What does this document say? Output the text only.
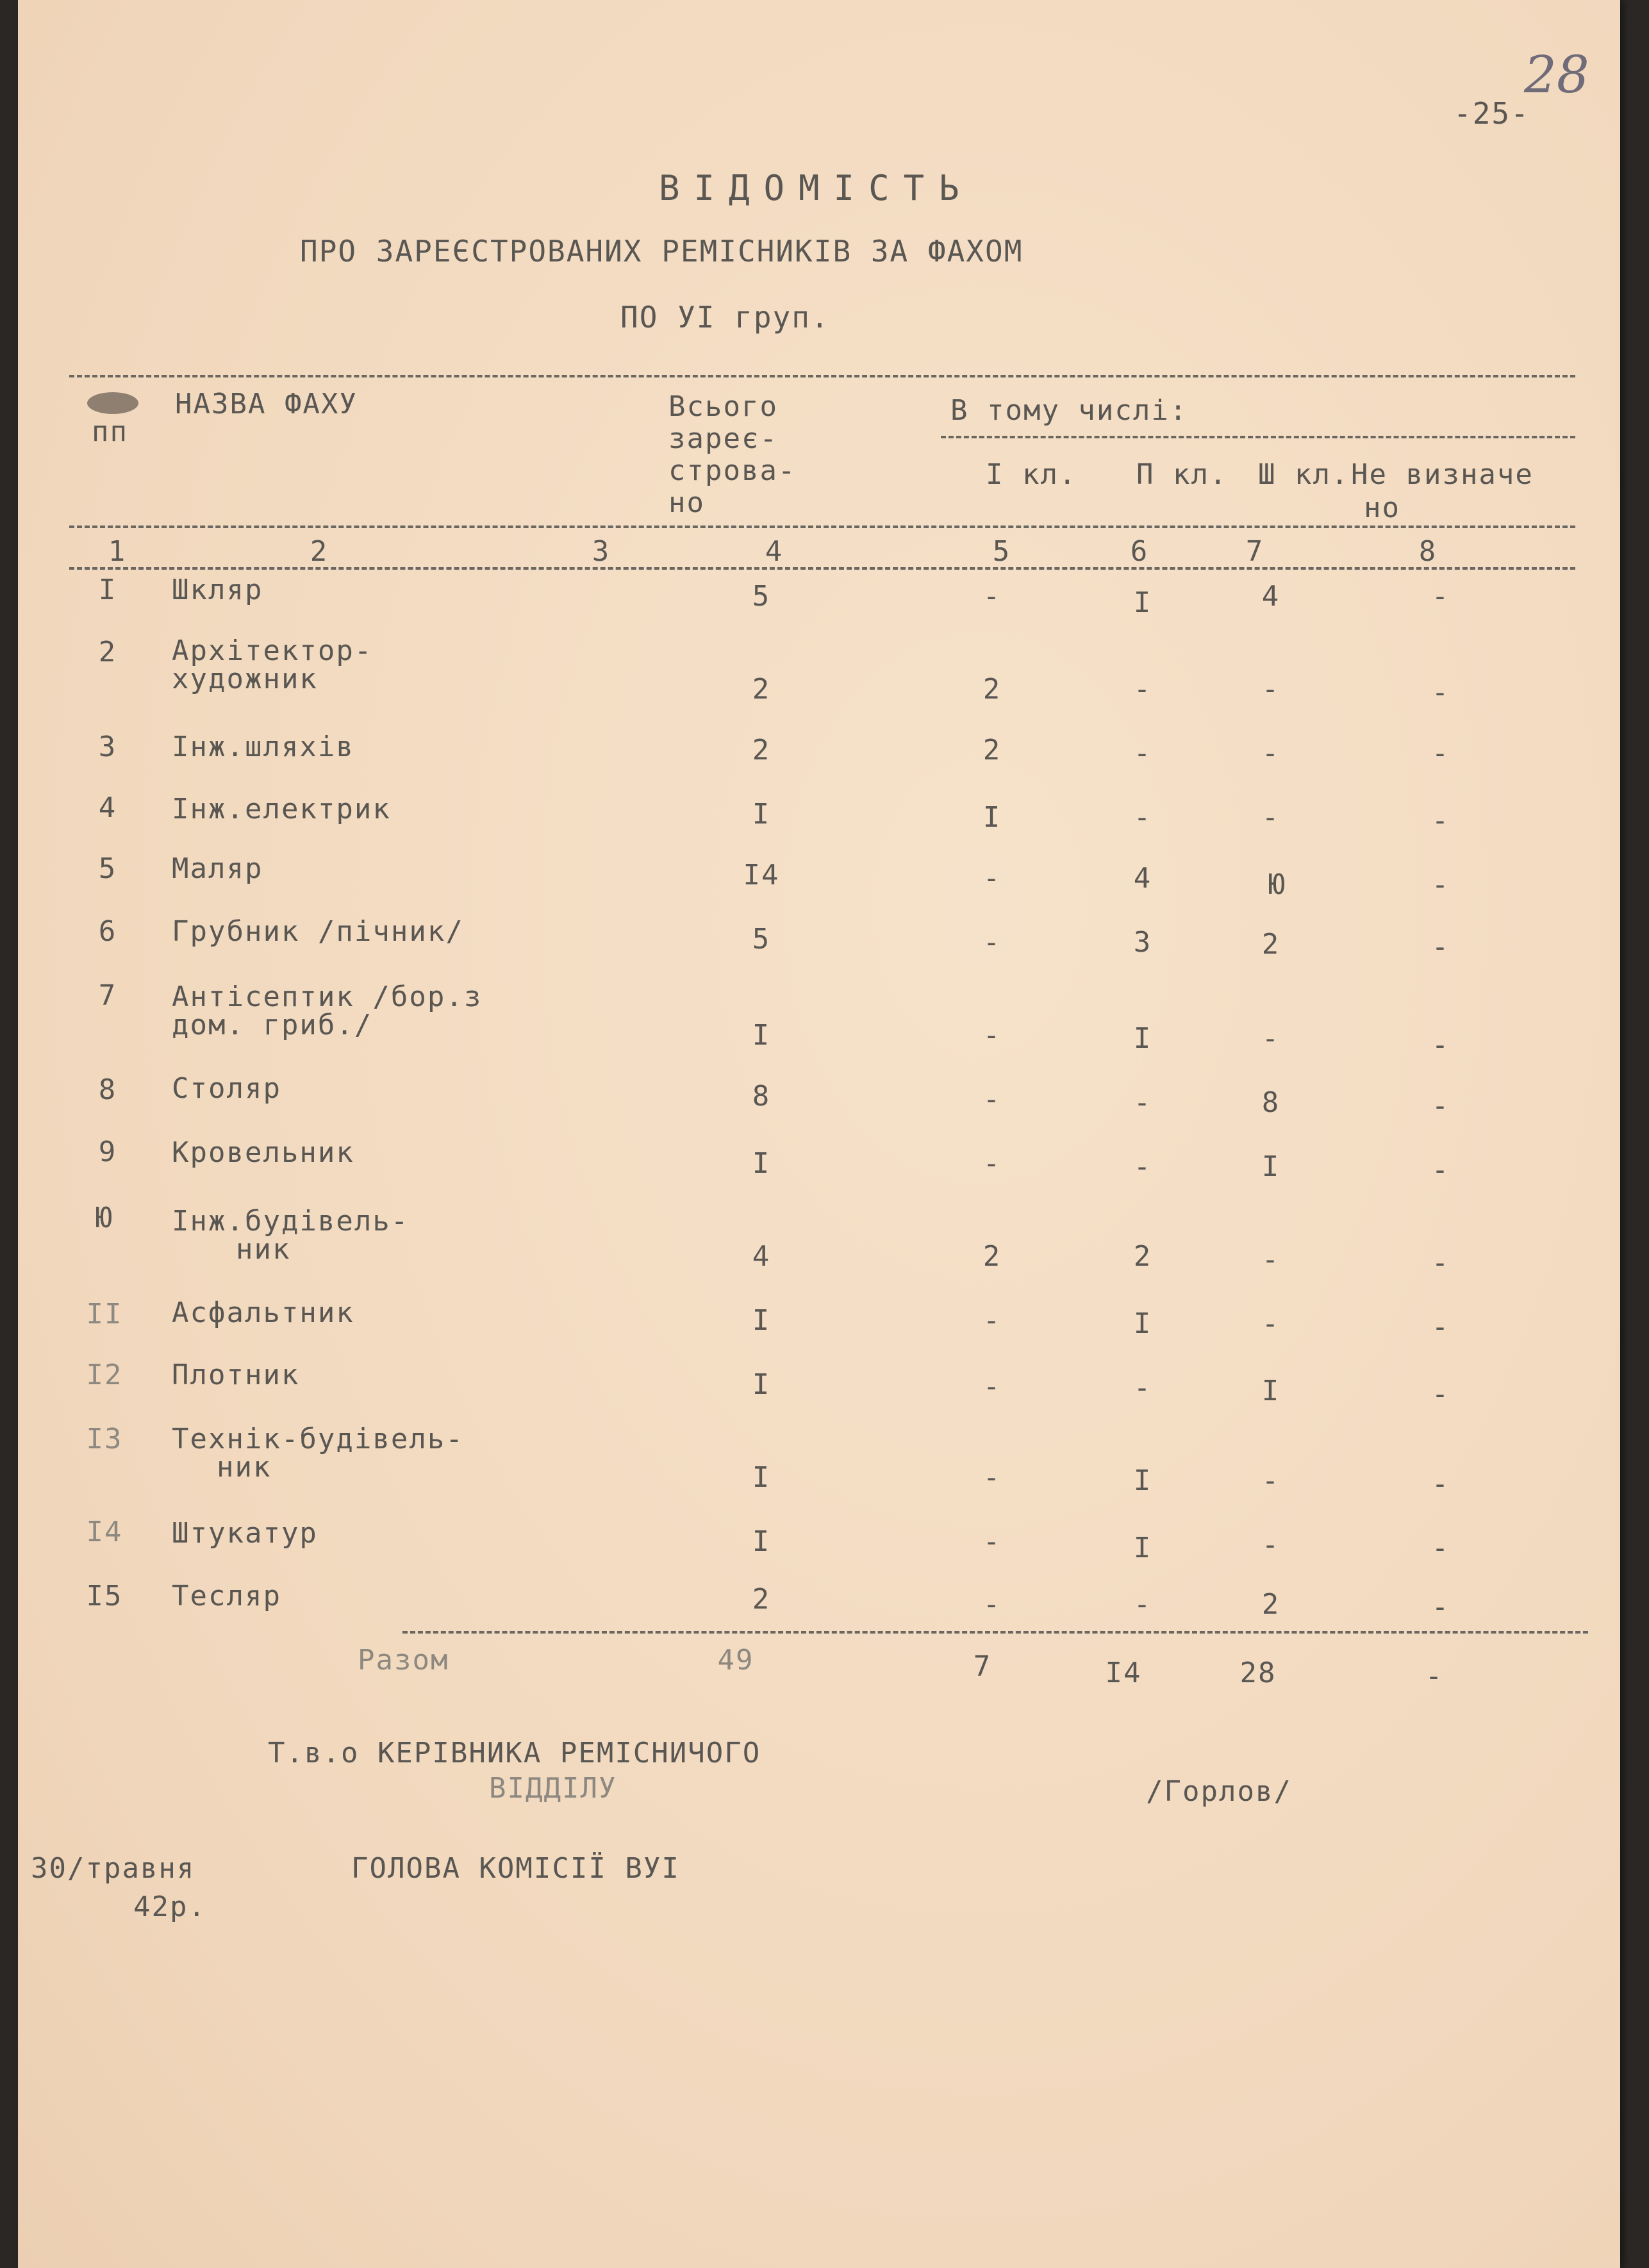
-25-
28
ВІДОМІСТЬ
ПРО ЗАРЕЄСТРОВАНИХ РЕМІСНИКІВ ЗА ФАХОМ
ПО УІ груп.
пп
НАЗВА ФАХУ	Всього
зареє-
строва-
но
В тому числі:
І кл. П кл. Ш кл. Не визначе
но
1	2	3	4	5	6	7	8
І	Шкляр	5	-	І	4	-
2	Архітектор-
художник	2	2	-	-	-
3	Інж.шляхів	2	2	-	-	-
4	Інж.електрик	І	І	-	-	-
5	Маляр	І4	-	4	Ю	-
6	Грубник /пічник/	5	-	3	2	-
7	Антісептик /бор.з
дом. гриб./	І	-	І	-	-
8	Столяр	8	-	-	8	-
9	Кровельник	І	-	-	І	-
Ю	Інж.будівель-
ник	4	2	2	-	-
ІІ Асфальтник	І	-	І	-	-
І2 Плотник	І	-	-	І	-
І3 Технік-будівель-
ник	І	-	І	-	-
І4 Штукатур	І	-	І	-	-
І5 Тесляр	2	-	-	2	-
Разом	49	7	І4	28	-
Т.в.о КЕРІВНИКА РЕМІСНИЧОГО
ВІДДІЛУ	/Горлов/
30/травня
42р.
ГОЛОВА КОМІСІЇ ВУІ
